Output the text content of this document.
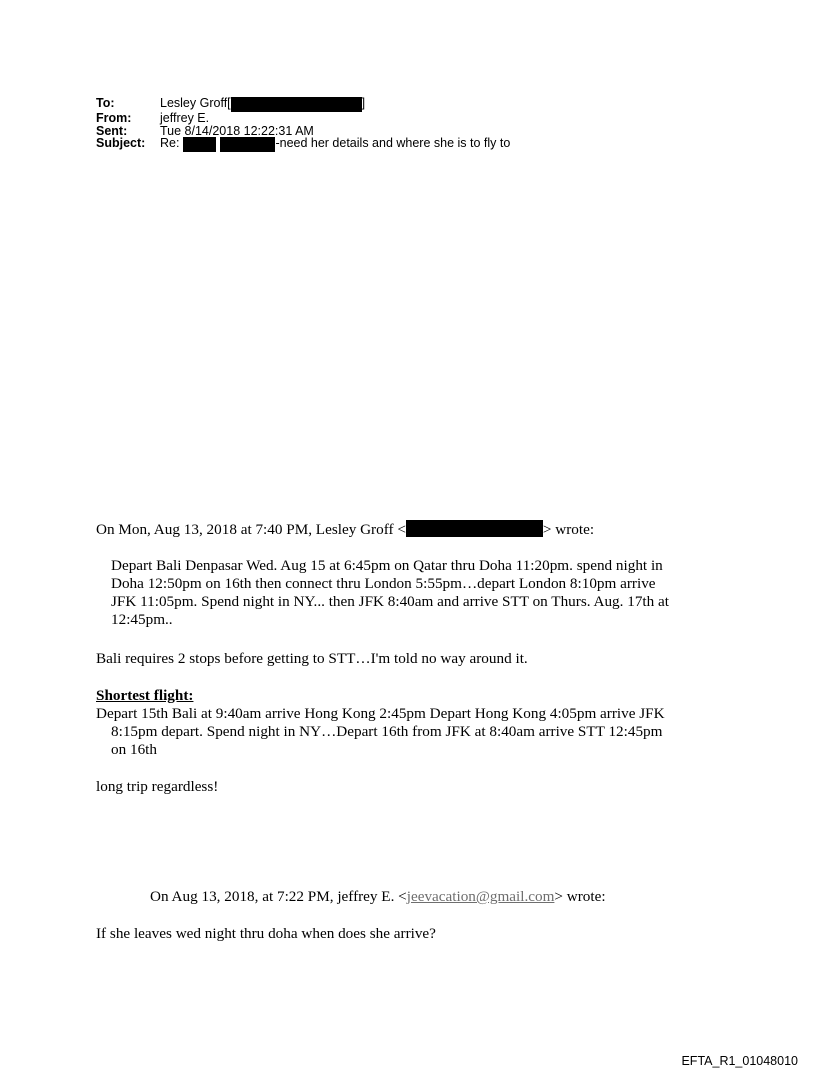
To:	Lesley Groff[	]
From:	jeffrey E.
Sent:	Tue 8/14/2018 12:22:31 AM
Subject:	Re:	-need her details and where she is to fly to
On Mon, Aug 13, 2018 at 7:40 PM, Lesley Groff <	> wrote:
Depart Bali Denpasar Wed. Aug 15 at 6:45pm on Qatar thru Doha 11:20pm. spend night in
Doha 12:50pm on 16th then connect thru London 5:55pm…depart London 8:10pm arrive
JFK 11:05pm. Spend night in NY... then JFK 8:40am and arrive STT on Thurs. Aug. 17th at
12:45pm..
Bali requires 2 stops before getting to STT…I'm told no way around it.
Shortest flight:
Depart 15th Bali at 9:40am arrive Hong Kong 2:45pm Depart Hong Kong 4:05pm arrive JFK
8:15pm depart. Spend night in NY…Depart 16th from JFK at 8:40am arrive STT 12:45pm
on 16th
long trip regardless!
On Aug 13, 2018, at 7:22 PM, jeffrey E. <jeevacation@gmail.com> wrote:
If she leaves wed night thru doha when does she arrive?
EFTA_R1_01048010
